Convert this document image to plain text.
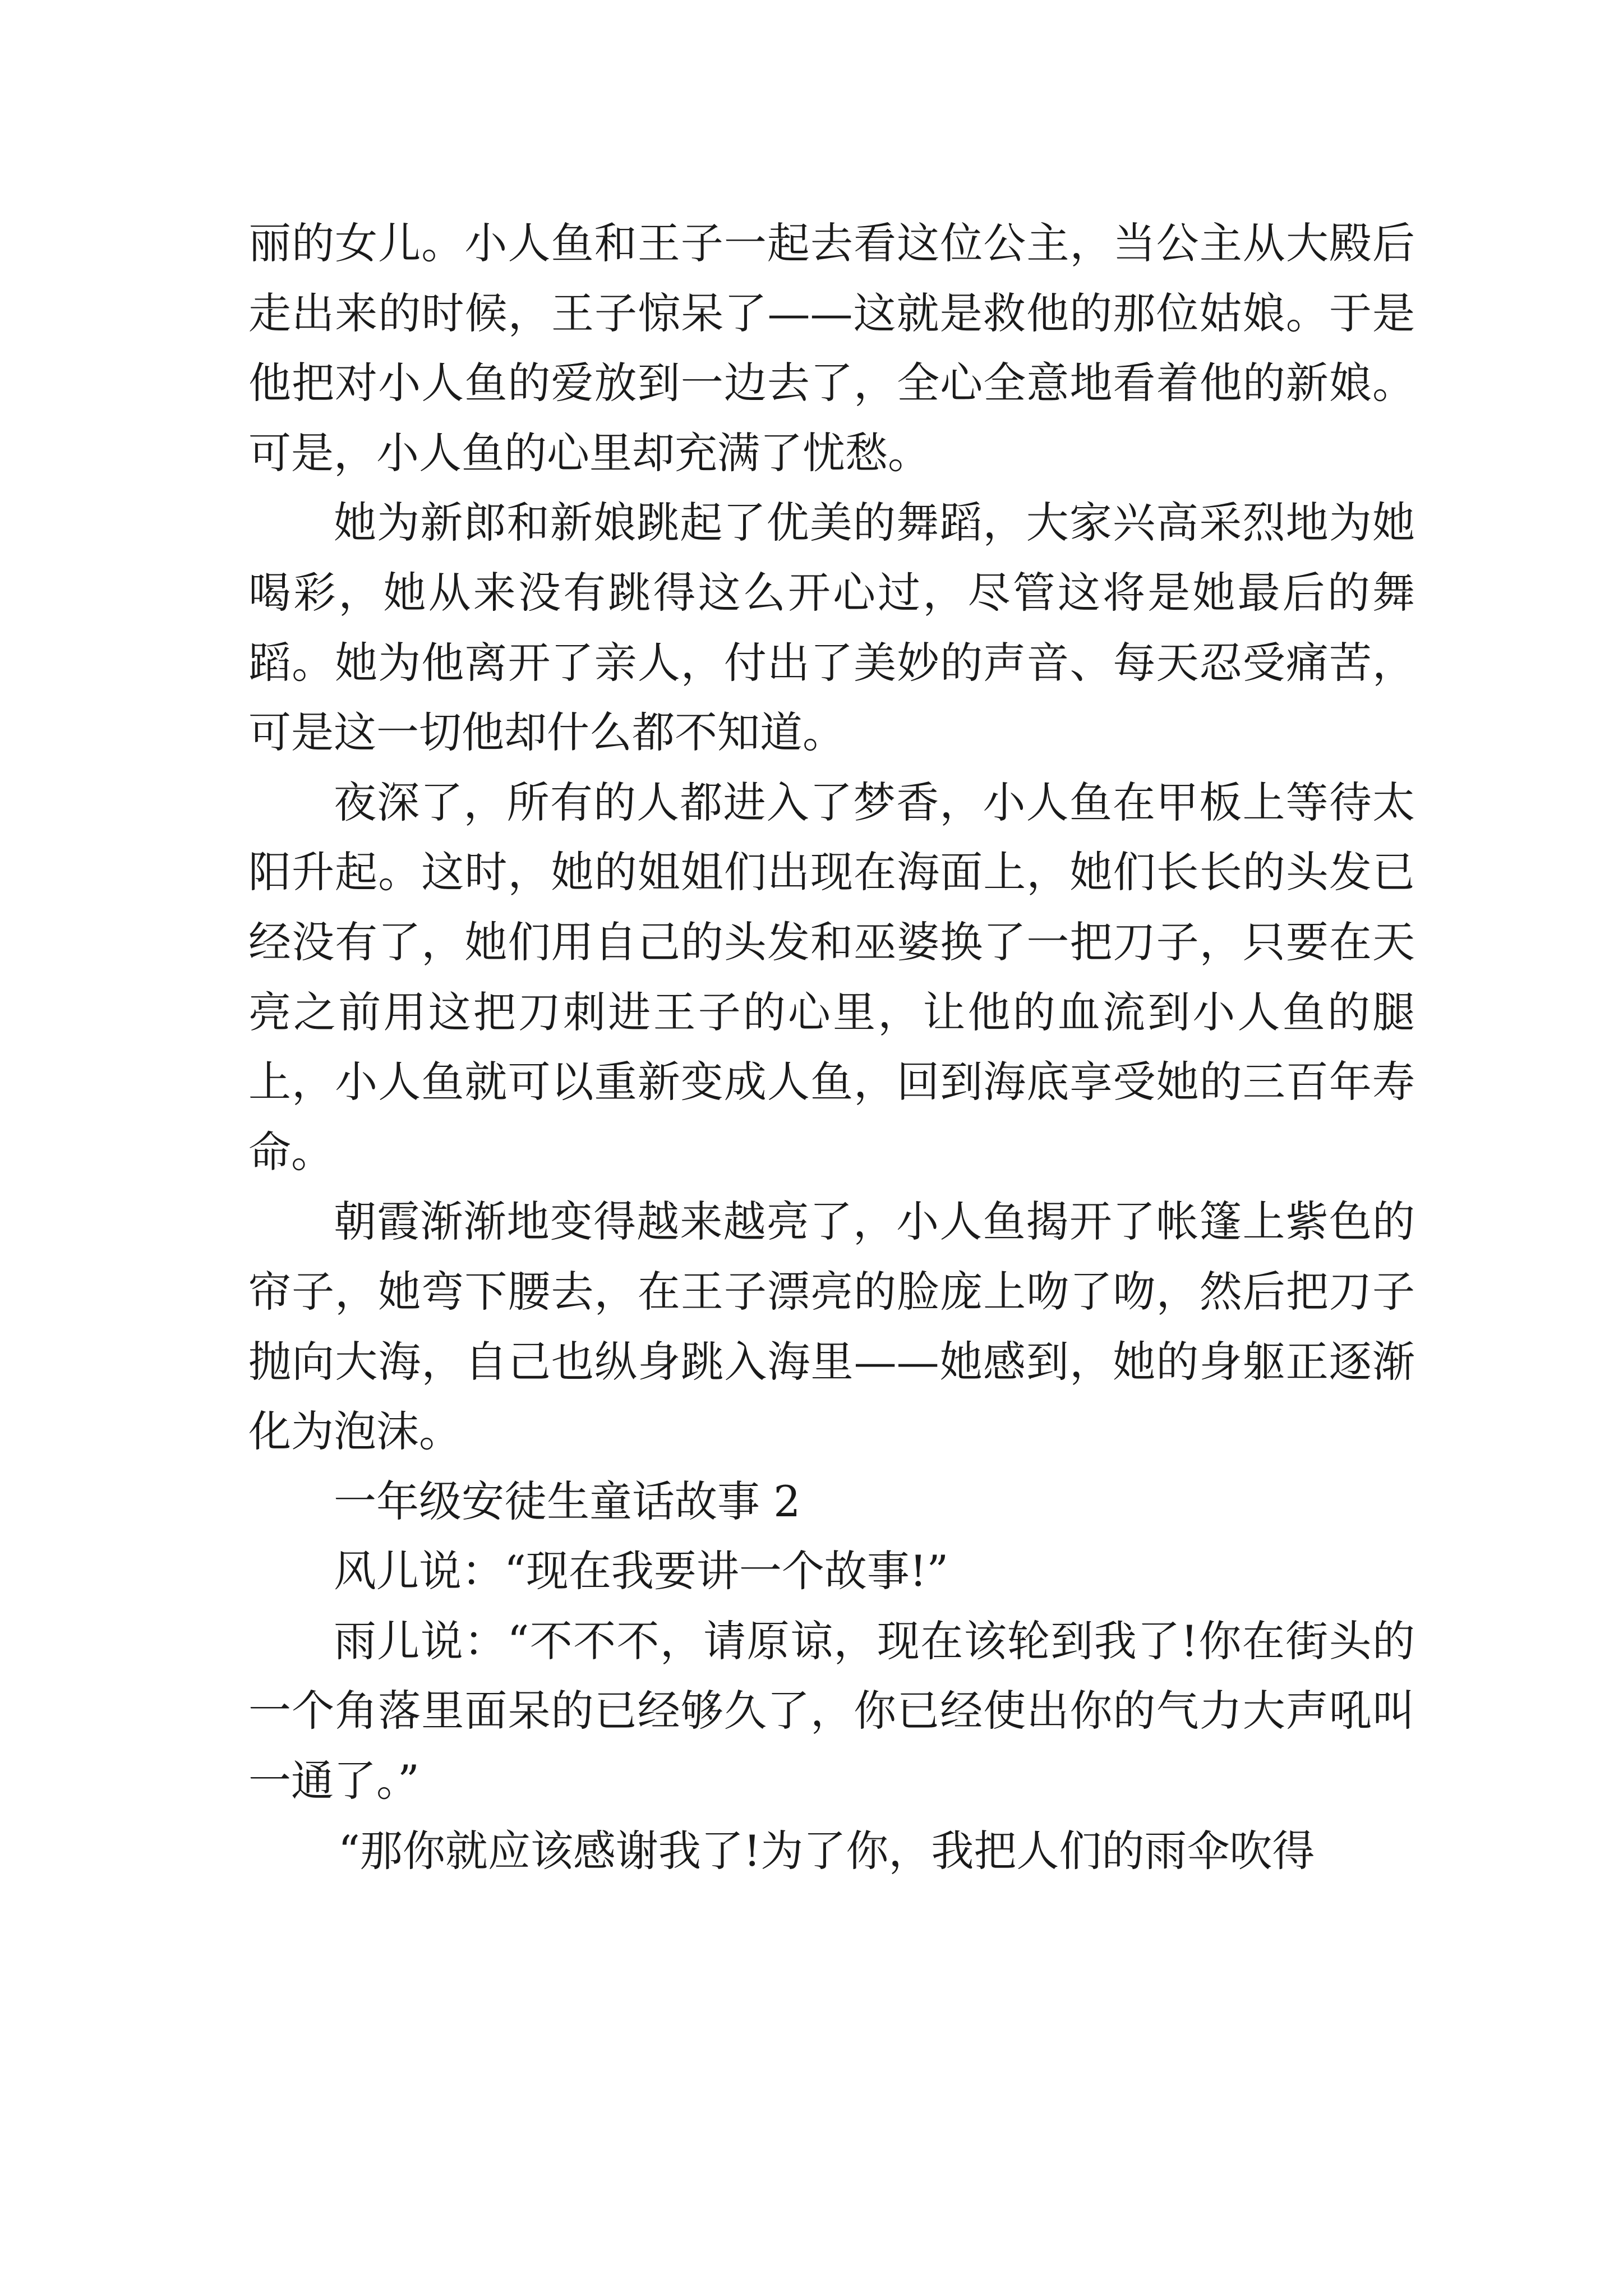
丽的女儿。小人鱼和王子一起去看这位公主，当公主从大殿后走出来的时候，王子惊呆了——这就是救他的那位姑娘。于是他把对小人鱼的爱放到一边去了，全心全意地看着他的新娘。可是，小人鱼的心里却充满了忧愁。

她为新郎和新娘跳起了优美的舞蹈，大家兴高采烈地为她喝彩，她从来没有跳得这么开心过，尽管这将是她最后的舞蹈。她为他离开了亲人，付出了美妙的声音、每天忍受痛苦，可是这一切他却什么都不知道。

夜深了，所有的人都进入了梦香，小人鱼在甲板上等待太阳升起。这时，她的姐姐们出现在海面上，她们长长的头发已经没有了，她们用自己的头发和巫婆换了一把刀子，只要在天亮之前用这把刀刺进王子的心里，让他的血流到小人鱼的腿上，小人鱼就可以重新变成人鱼，回到海底享受她的三百年寿命。

朝霞渐渐地变得越来越亮了，小人鱼揭开了帐篷上紫色的帘子，她弯下腰去，在王子漂亮的脸庞上吻了吻，然后把刀子抛向大海，自己也纵身跳入海里——她感到，她的身躯正逐渐化为泡沫。

一年级安徒生童话故事 2

风儿说：“现在我要讲一个故事!”

雨儿说：“不不不，请原谅，现在该轮到我了!你在街头的一个角落里面呆的已经够久了，你已经使出你的气力大声吼叫一通了。”

“那你就应该感谢我了!为了你，我把人们的雨伞吹得
